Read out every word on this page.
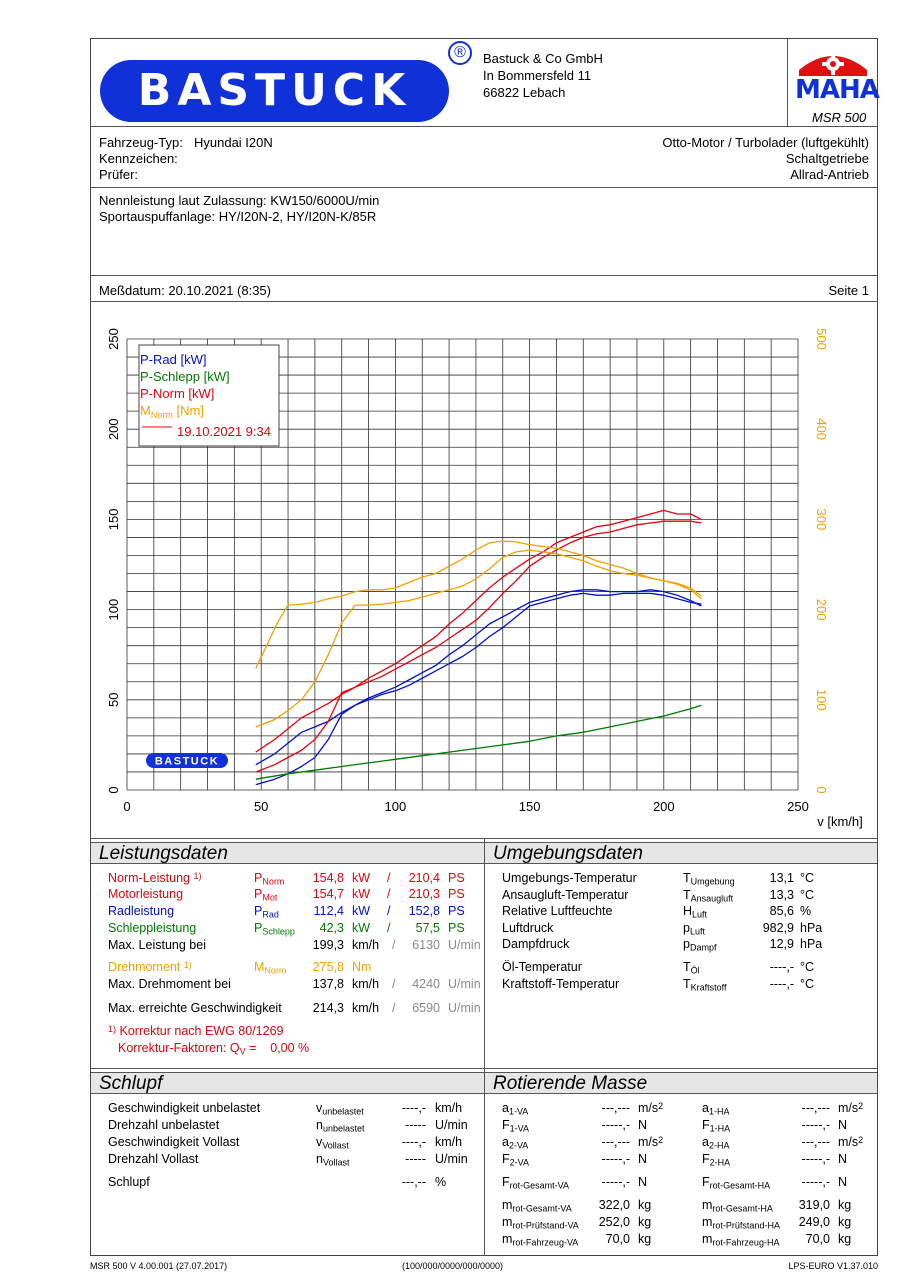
BASTUCK
®	Bastuck & Co GmbH
In Bommersfeld 11
66822 Lebach	MAHA
MSR 500
Fahrzeug-Typ: Hyundai I20N
Kennzeichen:
Prüfer:
Otto-Motor / Turbolader (luftgekühlt)
Schaltgetriebe
Allrad-Antrieb
Nennleistung laut Zulassung: KW150/6000U/min
Sportauspuffanlage: HY/I20N-2, HY/I20N-K/85R
Meßdatum: 20.10.2021 (8:35)	Seite 1
0	50	100	150	200	250
0
50
100
150
200
250
0
100
200
300
400
500
v [km/h]
P-Rad [kW]
P-Schlepp [kW]
P-Norm [kW]
$M_{Norm}$ [Nm]
19.10.2021 9:34
BASTUCK
Leistungsdaten
Norm-Leistung $^{1)}$	$P_{Norm}$	154,8 kW /	210,4 PS
Motorleistung	$P_{Mot}$	154,7 kW /	210,3 PS
Radleistung	$P_{Rad}$	112,4 kW /	152,8 PS
Schleppleistung	$P_{Schlepp}$	42,3 kW /	57,5 PS
Max. Leistung bei	199,3 km/h /	6130 U/min
Drehmoment $^{1)}$	$M_{Norm}$	275,8 Nm
Max. Drehmoment bei	137,8 km/h /	4240 U/min
Max. erreichte Geschwindigkeit	214,3 km/h /	6590 U/min
$^{1)}$ Korrektur nach EWG 80/1269
Korrektur-Faktoren: $Q_V$ =    0,00 %
Umgebungsdaten
Umgebungs-Temperatur	$T_{Umgebung}$	13,1 °C
Ansaugluft-Temperatur	$T_{Ansaugluft}$	13,3 °C
Relative Luftfeuchte	$H_{Luft}$	85,6 %
Luftdruck	$p_{Luft}$	982,9 hPa
Dampfdruck	$p_{Dampf}$	12,9 hPa
Öl-Temperatur	$T_{Öl}$	----,- °C
Kraftstoff-Temperatur	$T_{Kraftstoff}$	----,- °C
Schlupf
Geschwindigkeit unbelastet	$v_{unbelastet}$	----,- km/h
Drehzahl unbelastet	$n_{unbelastet}$	----- U/min
Geschwindigkeit Vollast	$v_{Vollast}$	----,- km/h
Drehzahl Vollast	$n_{Vollast}$	----- U/min
Schlupf	---,-- %
Rotierende Masse
$a_{1-VA}$	---,--- $m/s^2$
$F_{1-VA}$	-----,- N
$a_{2-VA}$	---,--- $m/s^2$
$F_{2-VA}$	-----,- N
$F_{rot-Gesamt-VA}$	-----,- N
$m_{rot-Gesamt-VA}$	322,0 kg
$m_{rot-Prüfstand-VA}$	252,0 kg
$m_{rot-Fahrzeug-VA}$	70,0 kg
$a_{1-HA}$	---,--- $m/s^2$
$F_{1-HA}$	-----,- N
$a_{2-HA}$	---,--- $m/s^2$
$F_{2-HA}$	-----,- N
$F_{rot-Gesamt-HA}$	-----,- N
$m_{rot-Gesamt-HA}$	319,0 kg
$m_{rot-Prüfstand-HA}$	249,0 kg
$m_{rot-Fahrzeug-HA}$	70,0 kg
MSR 500 V 4.00.001 (27.07.2017)	(100/000/0000/000/0000)	LPS-EURO V1.37.010
